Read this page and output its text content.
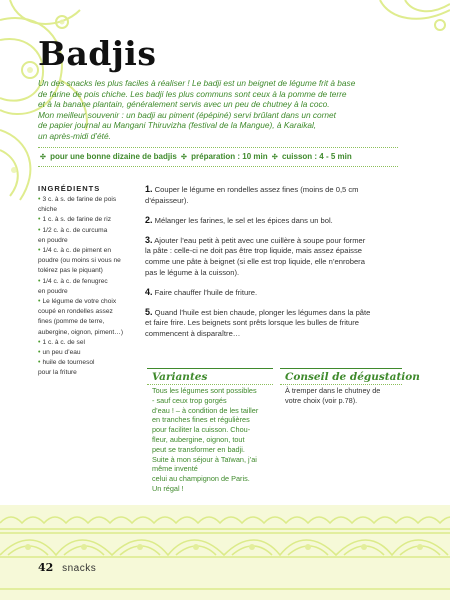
Badjis

Un des snacks les plus faciles à réaliser ! Le badji est un beignet de légume frit à base

de farine de pois chiche. Les badji les plus communs sont ceux à la pomme de terre

et à la banane plantain, généralement servis avec un peu de chutney à la coco.

Mon meilleur souvenir : un badji au piment (épépiné) servi brûlant dans un cornet

de papier journal au Mangani Thiruvizha (festival de la Mangue), à Karaikal,

un après-midi d’été.

✣ pour une bonne dizaine de badjis ✣ préparation : 10 min ✣ cuisson : 4 - 5 min
INGRÉDIENTS
• 3 c. à s. de farine de pois
chiche
• 1 c. à s. de farine de riz
• 1/2 c. à c. de curcuma
en poudre
• 1/4 c. à c. de piment en
poudre (ou moins si vous ne
tolérez pas le piquant)
• 1/4 c. à c. de fenugrec
en poudre
• Le légume de votre choix
coupé en rondelles assez
fines (pomme de terre,
aubergine, oignon, piment…)
• 1 c. à c. de sel
• un peu d’eau
• huile de tournesol
pour la friture
1. Couper le légume en rondelles assez fines (moins de 0,5 cm
d’épaisseur).
2. Mélanger les farines, le sel et les épices dans un bol.
3. Ajouter l’eau petit à petit avec une cuillère à soupe pour former
la pâte : celle-ci ne doit pas être trop liquide, mais assez épaisse
comme une pâte à beignet (si elle est trop liquide, elle n’enrobera
pas le légume à la cuisson).
4. Faire chauffer l’huile de friture.
5. Quand l’huile est bien chaude, plonger les légumes dans la pâte
et faire frire. Les beignets sont prêts lorsque les bulles de friture
commencent à disparaître…
Variantes
Tous les légumes sont possibles
- sauf ceux trop gorgés
d’eau ! – à condition de les tailler
en tranches fines et régulières
pour faciliter la cuisson. Chou-
fleur, aubergine, oignon, tout
peut se transformer en badji.
Suite à mon séjour à Taïwan, j’ai
même inventé
celui au champignon de Paris.
Un régal !
Conseil de dégustation
À tremper dans le chutney de
votre choix (voir p.78).
42 snacks
